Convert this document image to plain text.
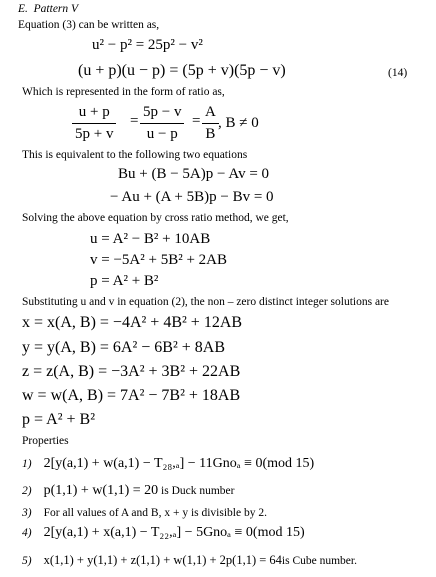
E. Pattern V
Equation (3) can be written as,
u² − p² = 25p² − v²
(u + p)(u − p) = (5p + v)(5p − v)	(14)
Which is represented in the form of ratio as,
u + p
5p + v
=
5p − v
u − p
=
A
B
, B ≠ 0
This is equivalent to the following two equations
Bu + (B − 5A)p − Av = 0
− Au + (A + 5B)p − Bv = 0
Solving the above equation by cross ratio method, we get,
u = A² − B² + 10AB
v = −5A² + 5B² + 2AB
p = A² + B²
Substituting u and v in equation (2), the non – zero distinct integer solutions are
x = x(A, B) = −4A² + 4B² + 12AB
y = y(A, B) = 6A² − 6B² + 8AB
z = z(A, B) = −3A² + 3B² + 22AB
w = w(A, B) = 7A² − 7B² + 18AB
p = A² + B²
Properties
1) 2[y(a,1) + w(a,1) − T₂₈,ₐ] − 11Gnoₐ ≡ 0(mod 15)
2) p(1,1) + w(1,1) = 20 is Duck number
3) For all values of A and B, x + y is divisible by 2.
4) 2[y(a,1) + x(a,1) − T₂₂,ₐ] − 5Gnoₐ ≡ 0(mod 15)
5) x(1,1) + y(1,1) + z(1,1) + w(1,1) + 2p(1,1) = 64is Cube number.
